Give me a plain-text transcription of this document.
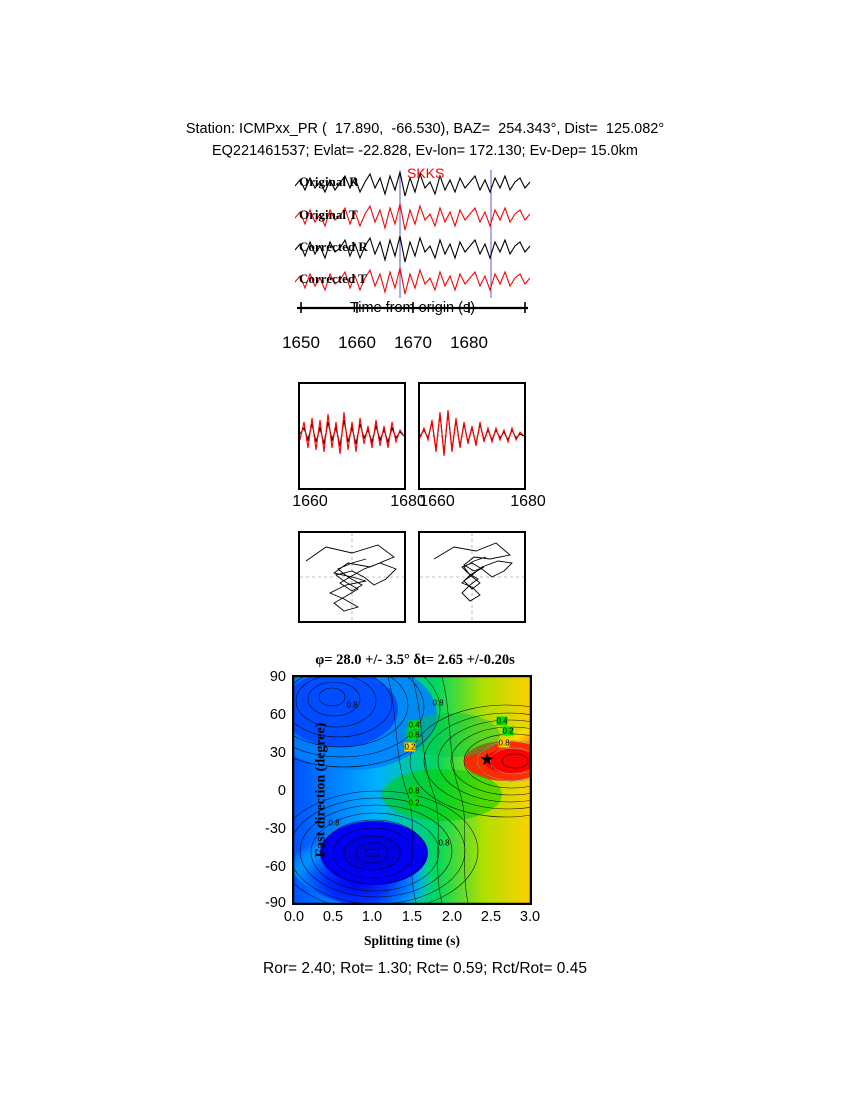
Station: ICMPxx_PR (  17.890,  -66.530), BAZ=  254.343°, Dist=  125.082°
EQ221461537; Evlat= -22.828, Ev-lon= 172.130; Ev-Dep= 15.0km
Original R
Original T
Corrected R
Corrected T
SKKS
Time from origin (s)
1650 1660 1670 1680
1660	1680
1660	1680
φ= 28.0 +/- 3.5° δt= 2.65 +/-0.20s
Fast direction (degree)	★
0.8	0.8
0.4
0.8
0.2
0.4
0.2
0.8
0.8
0.2
0.8
0.8
90
60
30
0
-30
-60
-90
0.0 0.5 1.0 1.5 2.0 2.5 3.0
Splitting time (s)
Ror= 2.40; Rot= 1.30; Rct= 0.59; Rct/Rot= 0.45
